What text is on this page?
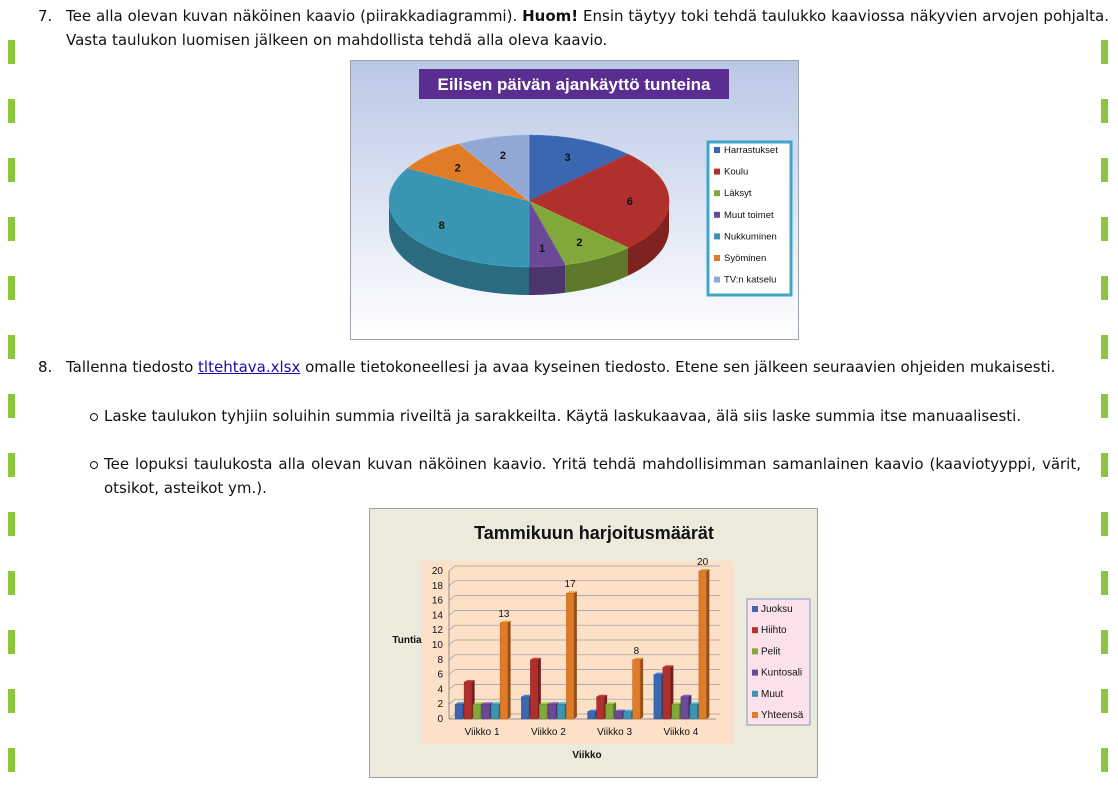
7. Tee alla olevan kuvan näköinen kaavio (piirakkadiagrammi). Huom! Ensin täytyy toki tehdä taulukko kaaviossa näkyvien arvojen pohjalta. Vasta taulukon luomisen jälkeen on mahdollista tehdä alla oleva kaavio.
8. Tallenna tiedosto tltehtava.xlsx omalle tietokoneellesi ja avaa kyseinen tiedosto. Etene sen jälkeen seuraavien ohjeiden mukaisesti.
Laske taulukon tyhjiin soluihin summia riveiltä ja sarakkeilta. Käytä laskukaavaa, älä siis laske summia itse manuaalisesti.
Tee lopuksi taulukosta alla olevan kuvan näköinen kaavio. Yritä tehdä mahdollisimman samanlainen kaavio (kaaviotyyppi, värit, otsikot, asteikot ym.).
Eilisen päivän ajankäyttö tunteina
3
6
2
1
8
2
2	Harrastukset
Koulu
Läksyt
Muut toimet
Nukkuminen
Syöminen
TV:n katselu
Tammikuun harjoitusmäärät
Tuntia
Viikko
0
2
4
6
8
10
12
14
16
18
20
13
Viikko 1
17
Viikko 2
8
Viikko 3
20
Viikko 4
Juoksu
Hiihto
Pelit
Kuntosali
Muut
Yhteensä
